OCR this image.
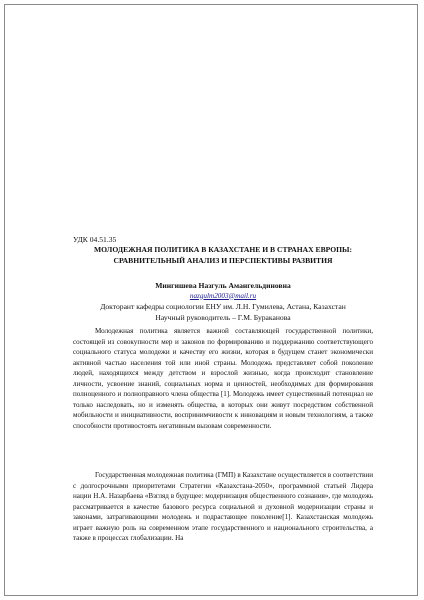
УДК 04.51.35
МОЛОДЕЖНАЯ ПОЛИТИКА В КАЗАХСТАНЕ И В СТРАНАХ ЕВРОПЫ: СРАВНИТЕЛЬНЫЙ АНАЛИЗ И ПЕРСПЕКТИВЫ РАЗВИТИЯ
Мингишева Назгуль Амангельдиновна
nazgulm2003@mail.ru
Докторант кафедры социологии ЕНУ им. Л.Н. Гумилева, Астана, Казахстан
Научный руководитель – Г.М. Бураканова

Молодежная политика является важной составляющей государственной политики, состоящей из совокупности мер и законов по формированию и поддержанию соответствующего социального статуса молодежи и качеству его жизни, которая в будущем станет экономически активной частью населения той или иной страны. Молодежь представляет собой поколение людей, находящихся между детством и взрослой жизнью, когда происходит становление личности, усвоение знаний, социальных норма и ценностей, необходимых для формирования полноценного и полноправного члена общества [1]. Молодежь имеет существенный потенциал не только наследовать, но и изменять общества, в которых они живут посредством собственной мобильности и инициативности, воспринимчивости к инновациям и новым технологиям, а также способности противостоять негативным вызовам современности.

Государственная молодежная политика (ГМП) в Казахстане осуществляется в соответствии с долгосрочными приоритетами Стратегии «Казахстана-2050», программной статьей Лидера нации Н.А. Назарбаева «Взгляд в будущее: модернизация общественного сознания», где молодежь рассматривается в качестве базового ресурса социальной и духовной модернизации страны и законами, затрагивающими молодежь и подрастающее поколение[1]. Казахстанская молодежь играет важную роль на современном этапе государственного и национального строительства, а также в процессах глобализации. На
